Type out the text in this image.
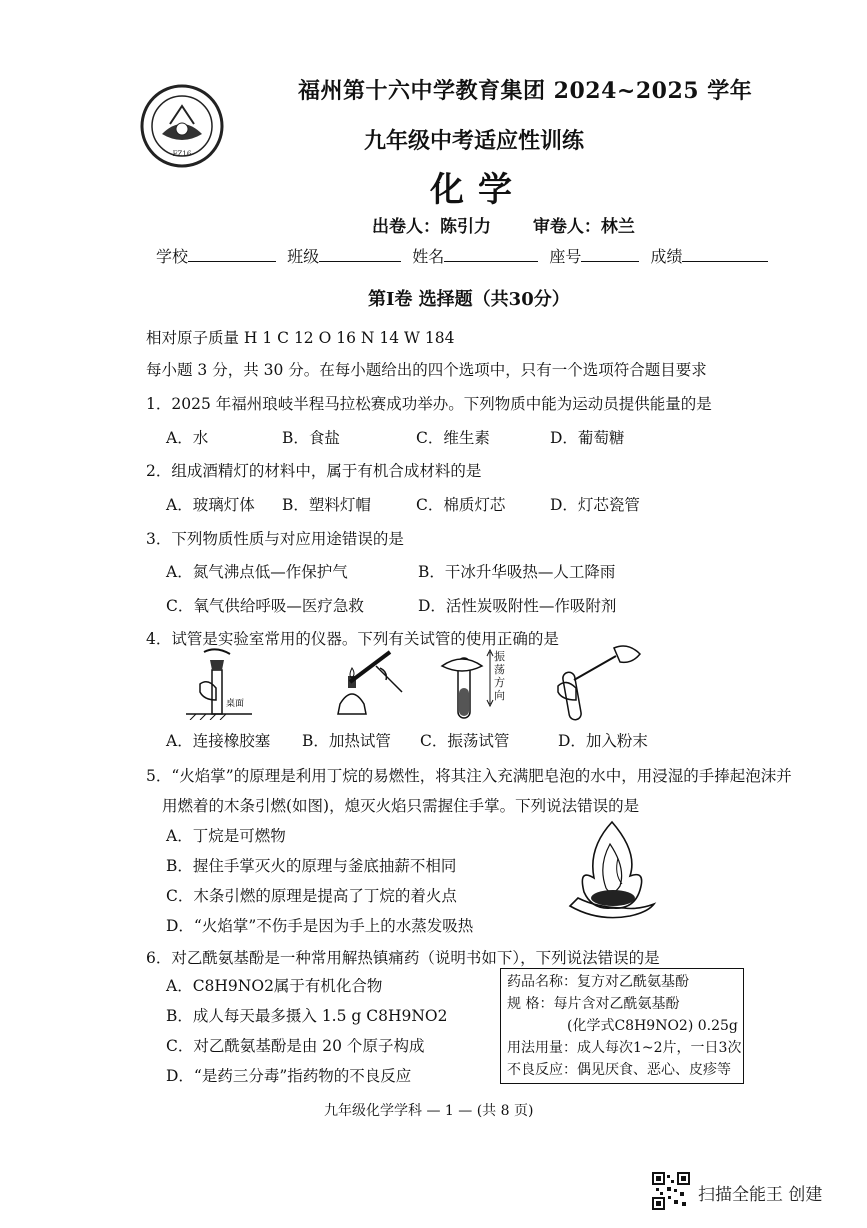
FZ16
福州第十六中学教育集团 2024~2025 学年
九年级中考适应性训练
化学
出卷人：陈引力 审卷人：林兰
学校	班级	姓名	座号	成绩
第Ⅰ卷 选择题（共30分）
相对原子质量 H 1 C 12 O 16 N 14 W 184
每小题 3 分，共 30 分。在每小题给出的四个选项中，只有一个选项符合题目要求
1．2025 年福州琅岐半程马拉松赛成功举办。下列物质中能为运动员提供能量的是
A．水	B．食盐	C．维生素	D．葡萄糖
2．组成酒精灯的材料中，属于有机合成材料的是
A．玻璃灯体 B．塑料灯帽	C．棉质灯芯	D．灯芯瓷管
3．下列物质性质与对应用途错误的是
A．氮气沸点低—作保护气	B．干冰升华吸热—人工降雨
C．氧气供给呼吸—医疗急救	D．活性炭吸附性—作吸附剂
4．试管是实验室常用的仪器。下列有关试管的使用正确的是
桌面
振荡方向
A．连接橡胶塞 B．加热试管 C．振荡试管	D．加入粉末
5．“火焰掌”的原理是利用丁烷的易燃性，将其注入充满肥皂泡的水中，用浸湿的手捧起泡沫并
用燃着的木条引燃(如图)，熄灭火焰只需握住手掌。下列说法错误的是
A．丁烷是可燃物
B．握住手掌灭火的原理与釜底抽薪不相同
C．木条引燃的原理是提高了丁烷的着火点
D．“火焰掌”不伤手是因为手上的水蒸发吸热
6．对乙酰氨基酚是一种常用解热镇痛药（说明书如下），下列说法错误的是
A．C8H9NO2属于有机化合物
B．成人每天最多摄入 1.5 g C8H9NO2
C．对乙酰氨基酚是由 20 个原子构成
D．“是药三分毒”指药物的不良反应
药品名称：复方对乙酰氨基酚
规 格：每片含对乙酰氨基酚
(化学式C8H9NO2) 0.25g
用法用量：成人每次1~2片，一日3次
不良反应：偶见厌食、恶心、皮疹等
九年级化学学科 — 1 — (共 8 页)
扫描全能王 创建
